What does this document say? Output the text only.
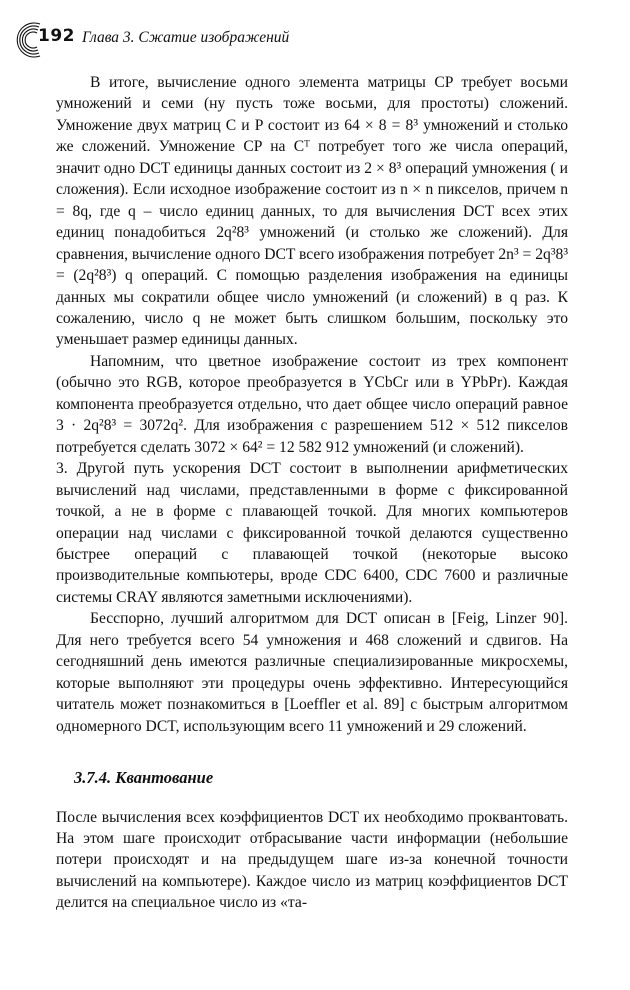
192 Глава 3. Сжатие изображений

В итоге, вычисление одного элемента матрицы CP требует восьми умножений и семи (ну пусть тоже восьми, для простоты) сложений. Умножение двух матриц C и P состоит из 64 × 8 = 8³ умножений и столько же сложений. Умножение CP на Cᵀ потребует того же числа операций, значит одно DCT единицы данных состоит из 2 × 8³ операций умножения ( и сложения). Если исходное изображение состоит из n × n пикселов, причем n = 8q, где q – число единиц данных, то для вычисления DCT всех этих единиц понадобиться 2q²8³ умножений (и столько же сложений). Для сравнения, вычисление одного DCT всего изображения потребует 2n³ = 2q³8³ = (2q²8³) q операций. С помощью разделения изображения на единицы данных мы сократили общее число умножений (и сложений) в q раз. К сожалению, число q не может быть слишком большим, поскольку это уменьшает размер единицы данных.

Напомним, что цветное изображение состоит из трех компонент (обычно это RGB, которое преобразуется в YCbCr или в YPbPr). Каждая компонента преобразуется отдельно, что дает общее число операций равное 3 · 2q²8³ = 3072q². Для изображения с разрешением 512 × 512 пикселов потребуется сделать 3072 × 64² = 12 582 912 умножений (и сложений).

3. Другой путь ускорения DCT состоит в выполнении арифметических вычислений над числами, представленными в форме с фиксированной точкой, а не в форме с плавающей точкой. Для многих компьютеров операции над числами с фиксированной точкой делаются существенно быстрее операций с плавающей точкой (некоторые высоко производительные компьютеры, вроде CDC 6400, CDC 7600 и различные системы CRAY являются заметными исключениями).

Бесспорно, лучший алгоритмом для DCT описан в [Feig, Linzer 90]. Для него требуется всего 54 умножения и 468 сложений и сдвигов. На сегодняшний день имеются различные специализированные микросхемы, которые выполняют эти процедуры очень эффективно. Интересующийся читатель может познакомиться в [Loeffler et al. 89] с быстрым алгоритмом одномерного DCT, использующим всего 11 умножений и 29 сложений.

3.7.4. Квантование

После вычисления всех коэффициентов DCT их необходимо проквантовать. На этом шаге происходит отбрасывание части информации (небольшие потери происходят и на предыдущем шаге из-за конечной точности вычислений на компьютере). Каждое число из матриц коэффициентов DCT делится на специальное число из «та-
